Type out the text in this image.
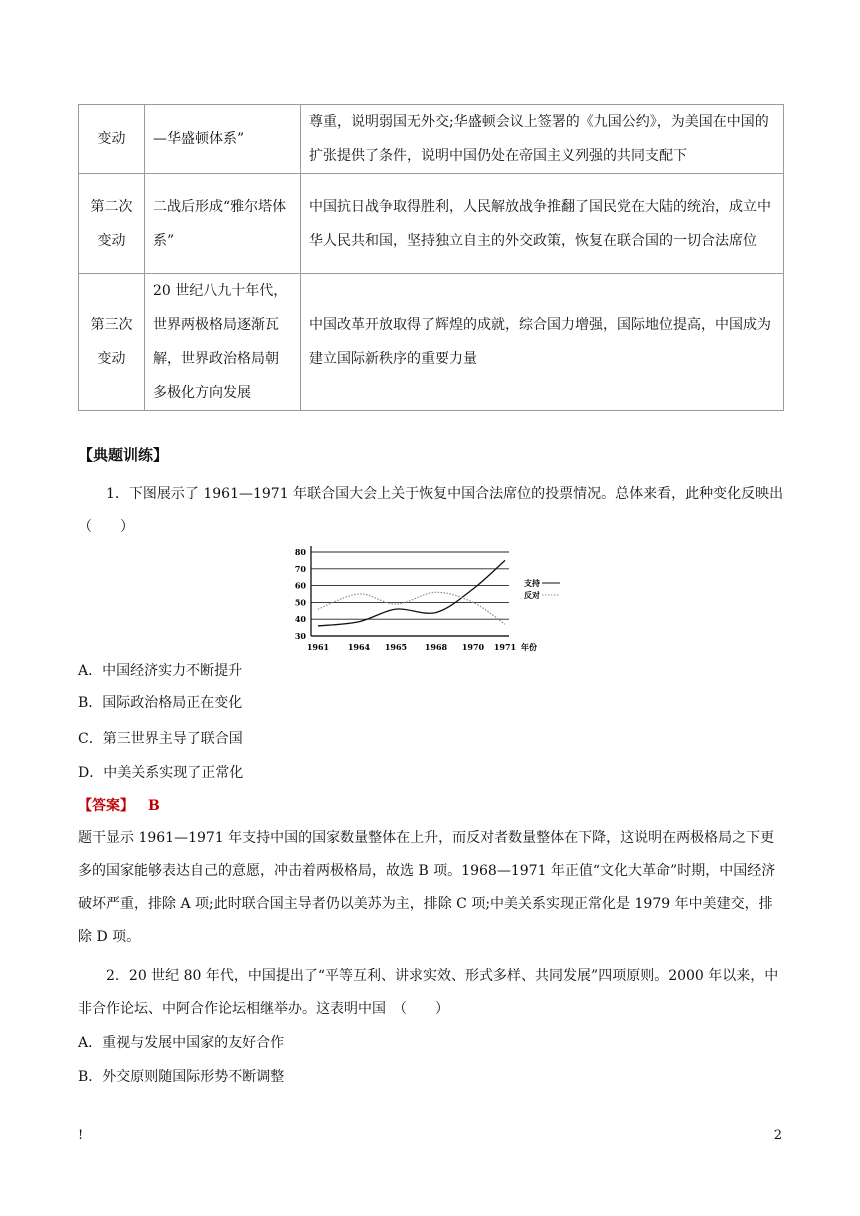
变动	—华盛顿体系”	尊重，说明弱国无外交;华盛顿会议上签署的《九国公约》，为美国在中国的扩张提供了条件，说明中国仍处在帝国主义列强的共同支配下
第二次变动	二战后形成“雅尔塔体系”	中国抗日战争取得胜利，人民解放战争推翻了国民党在大陆的统治，成立中华人民共和国，坚持独立自主的外交政策，恢复在联合国的一切合法席位
第三次变动	20 世纪八九十年代，世界两极格局逐渐瓦解，世界政治格局朝多极化方向发展	中国改革开放取得了辉煌的成就，综合国力增强，国际地位提高，中国成为建立国际新秩序的重要力量
【典题训练】
1．下图展示了 1961—1971 年联合国大会上关于恢复中国合法席位的投票情况。总体来看，此种变化反映出（　　）
30
40
50
60
70
80
1961 1964 1965 1968 1970 1971 年份
支持
反对
A．中国经济实力不断提升
B．国际政治格局正在变化
C．第三世界主导了联合国
D．中美关系实现了正常化
【答案】 B
题干显示 1961—1971 年支持中国的国家数量整体在上升，而反对者数量整体在下降，这说明在两极格局之下更多的国家能够表达自己的意愿，冲击着两极格局，故选 B 项。1968—1971 年正值“文化大革命”时期，中国经济破坏严重，排除 A 项;此时联合国主导者仍以美苏为主，排除 C 项;中美关系实现正常化是 1979 年中美建交，排除 D 项。
2．20 世纪 80 年代，中国提出了“平等互利、讲求实效、形式多样、共同发展”四项原则。2000 年以来，中非合作论坛、中阿合作论坛相继举办。这表明中国　（　　）
A．重视与发展中国家的友好合作
B．外交原则随国际形势不断调整
!	2
